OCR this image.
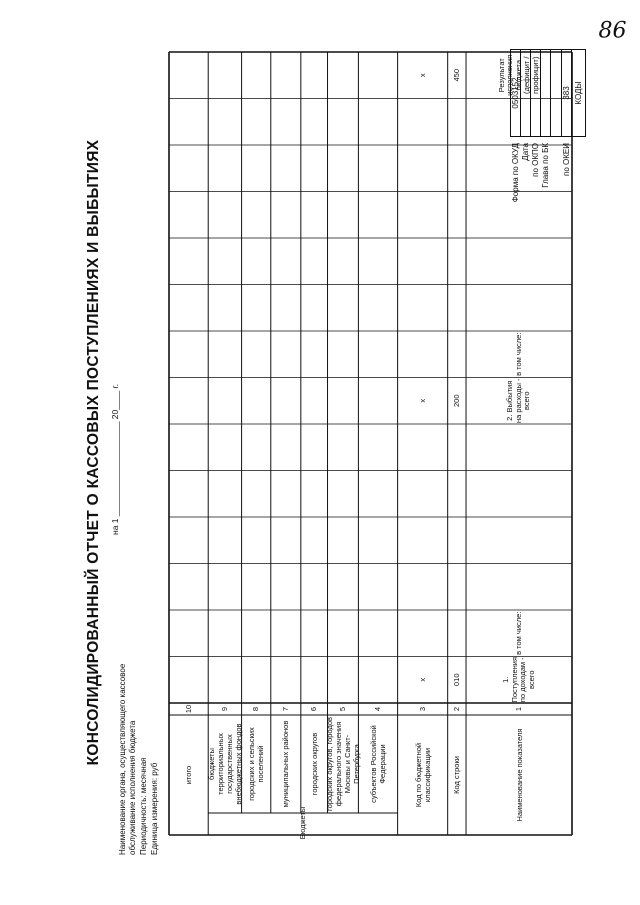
86
КОНСОЛИДИРОВАННЫЙ ОТЧЕТ О КАССОВЫХ ПОСТУПЛЕНИЯХ И ВЫБЫТИЯХ на 1 ____________________ 20____ г.
Наименование органа, осуществляющего кассовое обслуживание исполнения бюджета Периодичность: месячная Единица измерения: руб
КОДЫ
0503152	383
Форма по ОКУД Дата по ОКПО Глава по БК по ОКЕИ
Наименование показателя
1
Код строки
2
Код по бюджетной классификации
3
субъектов Российской Федерации
4
городских округов, городов федерального значения Москвы и Санкт-Петербурга
5
городских округов
6
муниципальных районов
7
городских и сельских поселений
8
бюджеты территориальных государственных внебюджетных фондов
9
итого
10
Бюджеты
1. Поступления по доходам - всего
010
x
в том числе:
2. Выбытия на расходы - всего
200
x
в том числе:
Результат исполнения бюджета (дефицит / профицит)
450
x
